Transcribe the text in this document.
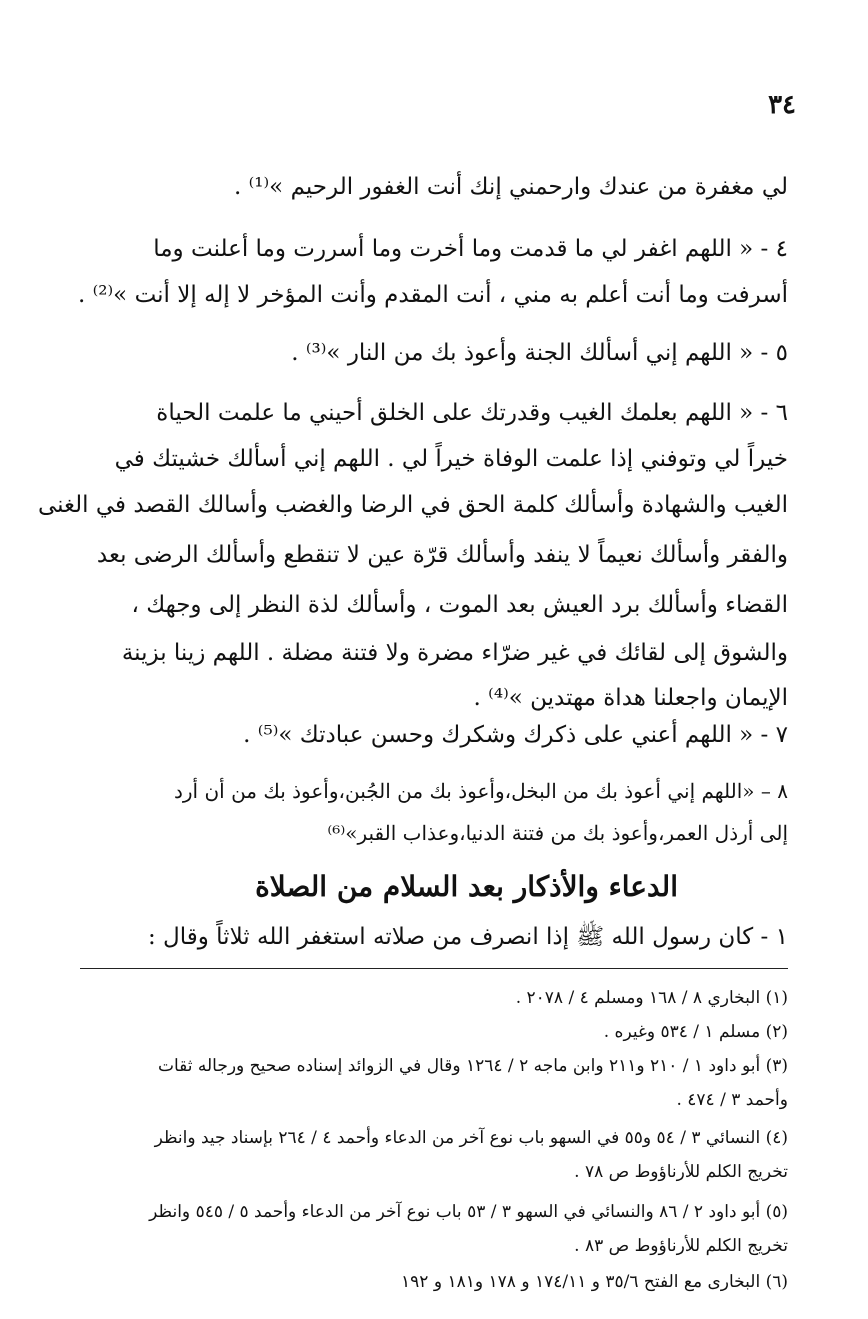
٣٤
لي مغفرة من عندك وارحمني إنك أنت الغفور الرحيم »⁽¹⁾ .
٤ - « اللهم اغفر لي ما قدمت وما أخرت وما أسررت وما أعلنت وما
أسرفت وما أنت أعلم به مني ، أنت المقدم وأنت المؤخر لا إله إلا أنت »⁽²⁾ .
٥ - « اللهم إني أسألك الجنة وأعوذ بك من النار »⁽³⁾ .
٦ - « اللهم بعلمك الغيب وقدرتك على الخلق أحيني ما علمت الحياة
خيراً لي وتوفني إذا علمت الوفاة خيراً لي . اللهم إني أسألك خشيتك في
الغيب والشهادة وأسألك كلمة الحق في الرضا والغضب وأسالك القصد في الغنى
والفقر وأسألك نعيماً لا ينفد وأسألك قرّة عين لا تنقطع وأسألك الرضى بعد
القضاء وأسألك برد العيش بعد الموت ، وأسألك لذة النظر إلى وجهك ،
والشوق إلى لقائك في غير ضرّاء مضرة ولا فتنة مضلة . اللهم زينا بزينة
الإيمان واجعلنا هداة مهتدين »⁽⁴⁾ .
٧ - « اللهم أعني على ذكرك وشكرك وحسن عبادتك »⁽⁵⁾ .
٨ – «اللهم إني أعوذ بك من البخل،وأعوذ بك من الجُبن،وأعوذ بك من أن أرد
إلى أرذل العمر،وأعوذ بك من فتنة الدنيا،وعذاب القبر»⁽⁶⁾
الدعاء والأذكار بعد السلام من الصلاة
١ - كان رسول الله ﷺ إذا انصرف من صلاته استغفر الله ثلاثاً وقال :
(١) البخاري ٨ / ١٦٨ ومسلم ٤ / ٢٠٧٨ .
(٢) مسلم ١ / ٥٣٤ وغيره .
(٣) أبو داود ١ / ٢١٠ و٢١١ وابن ماجه ٢ / ١٢٦٤ وقال في الزوائد إسناده صحيح ورجاله ثقات
وأحمد ٣ / ٤٧٤ .
(٤) النسائي ٣ / ٥٤ و٥٥ في السهو باب نوع آخر من الدعاء وأحمد ٤ / ٢٦٤ بإسناد جيد وانظر
تخريج الكلم للأرناؤوط ص ٧٨ .
(٥) أبو داود ٢ / ٨٦ والنسائي في السهو ٣ / ٥٣ باب نوع آخر من الدعاء وأحمد ٥ / ٥٤٥ وانظر
تخريج الكلم للأرناؤوط ص ٨٣ .
(٦) البخارى مع الفتح ٣٥/٦ و ١٧٤/١١ و ١٧٨ و١٨١ و ١٩٢
